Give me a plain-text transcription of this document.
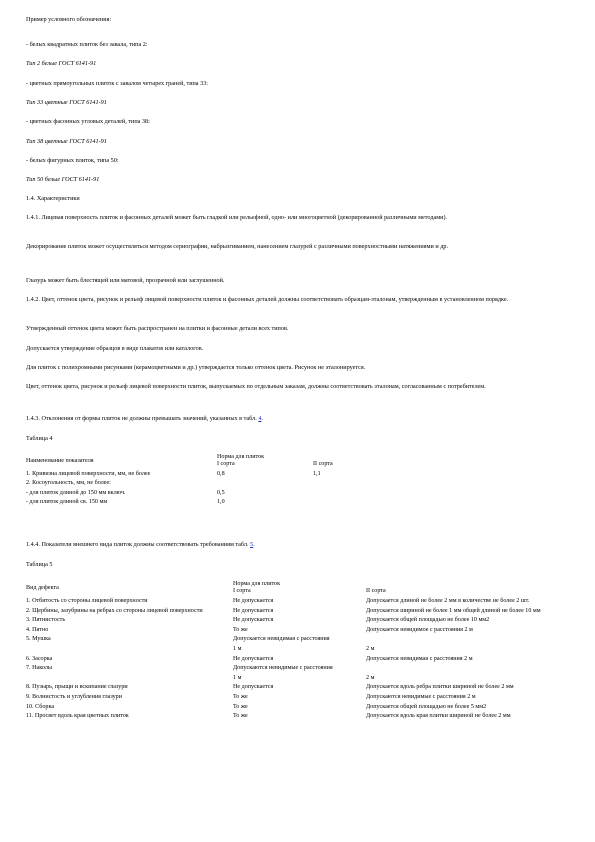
Пример условного обозначения:

- белых квадратных плиток без завала, типа 2:

Тип 2 белые ГОСТ 6141-91

- цветных прямоугольных плиток с завалом четырех граней, типа 33:

Тип 33 цветные ГОСТ 6141-91

- цветных фасонных угловых деталей, типа 38:

Тип 38 цветные ГОСТ 6141-91

- белых фигурных плиток, типа 50:

Тип 50 белые ГОСТ 6141-91

1.4. Характеристики

1.4.1. Лицевая поверхность плиток и фасонных деталей может быть гладкой или рельефной, одно- или многоцветной (декорированной различными методами).

Декорирование плиток может осуществляться методом сериографии, набрызгиванием, нанесением глазурей с различными поверхностными натяжениями и др.

Глазурь может быть блестящей или матовой, прозрачной или заглушенной.

1.4.2. Цвет, оттенок цвета, рисунок и рельеф лицевой поверхности плиток и фасонных деталей должны соответствовать образцам-эталонам, утвержденным в установленном порядке.

Утвержденный оттенок цвета может быть распространен на плитки и фасонные детали всех типов.

Допускается утверждение образцов в виде плакатов или каталогов.

Для плиток с полихромными рисунками (керамоцветными и др.) утверждается только оттенок цвета. Рисунок не эталонируется.

Цвет, оттенок цвета, рисунок и рельеф лицевой поверхности плиток, выпускаемых по отдельным заказам, должны соответствовать эталонам, согласованным с потребителем.

1.4.3. Отклонения от формы плиток не должны превышать значений, указанных в табл. 4.

Таблица 4

Наименование показателя	Норма для плиток	
	I сорта	II сорта
1. Кривизна лицевой поверхности, мм, не более	0,8	1,1
2. Косоугольность, мм, не более:		
- для плиток длиной до 150 мм включ.	0,5	
- для плиток длиной св. 150 мм	1,0	

1.4.4. Показатели внешнего вида плиток должны соответствовать требованиям табл. 5.

Таблица 5

Вид дефекта	Норма для плиток	
	I сорта	II сорта
1. Отбитость со стороны лицевой поверхности	Не допускается	Допускается длиной не более 2 мм в количестве не более 2 шт.
2. Щербины, зазубрины на ребрах со стороны лицевой поверхности	Не допускается	Допускается шириной не более 1 мм общей длиной не более 10 мм
3. Пятнистость	Не допускается	Допускается общей площадью не более 10 мм2
4. Пятно	То же	Допускается невидимое с расстояния 2 м
5. Мушка	Допускается невидимая с расстояния	
	1 м	2 м
6. Засорка	Не допускается	Допускается невидимая с расстояния 2 м
7. Наколы	Допускаются невидимые с расстояния	
	1 м	2 м
8. Пузырь, прыщи и вскипание глазури	Не допускается	Допускается вдоль ребра плитки шириной не более 2 мм
9. Волнистость и углубления глазури	То же	Допускаются невидимые с расстояния 2 м
10. Сборка	То же	Допускается общей площадью не более 5 мм2
11. Просвет вдоль края цветных плиток	То же	Допускается вдоль края плитки шириной не более 2 мм
